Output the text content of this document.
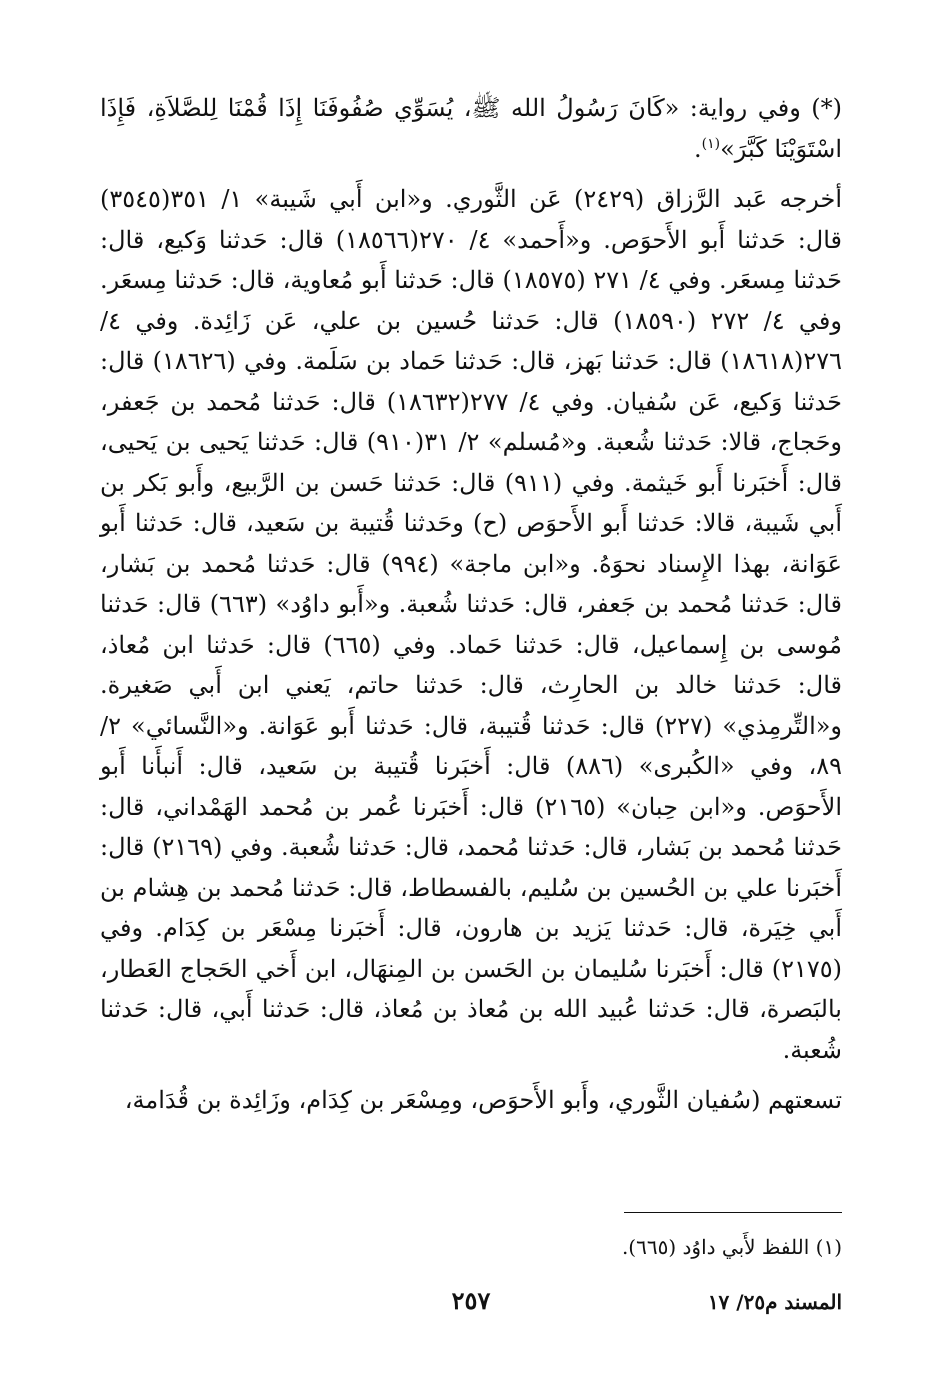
(*) وفي رواية: «كَانَ رَسُولُ الله ﷺ، يُسَوِّي صُفُوفَنَا إِذَا قُمْنَا لِلصَّلاَةِ، فَإِذَا اسْتَوَيْنَا كَبَّرَ»$^{(١)}$.

أخرجه عَبد الرَّزاق (٢٤٢٩) عَن الثَّوري. و«ابن أَبي شَيبة» ١/ ٣٥١(٣٥٤٥) قال: حَدثنا أَبو الأَحوَص. و«أَحمد» ٤/ ٢٧٠(١٨٥٦٦) قال: حَدثنا وَكيع، قال: حَدثنا مِسعَر. وفي ٤/ ٢٧١ (١٨٥٧٥) قال: حَدثنا أَبو مُعاوية، قال: حَدثنا مِسعَر. وفي ٤/ ٢٧٢ (١٨٥٩٠) قال: حَدثنا حُسين بن علي، عَن زَائِدة. وفي ٤/ ٢٧٦(١٨٦١٨) قال: حَدثنا بَهز، قال: حَدثنا حَماد بن سَلَمة. وفي (١٨٦٢٦) قال: حَدثنا وَكيع، عَن سُفيان. وفي ٤/ ٢٧٧(١٨٦٣٢) قال: حَدثنا مُحمد بن جَعفر، وحَجاج، قالا: حَدثنا شُعبة. و«مُسلم» ٢/ ٣١(٩١٠) قال: حَدثنا يَحيى بن يَحيى، قال: أَخبَرنا أَبو خَيثمة. وفي (٩١١) قال: حَدثنا حَسن بن الرَّبيع، وأَبو بَكر بن أَبي شَيبة، قالا: حَدثنا أَبو الأَحوَص (ح) وحَدثنا قُتيبة بن سَعيد، قال: حَدثنا أَبو عَوَانة، بهذا الإِسناد نحوَهُ. و«ابن ماجة» (٩٩٤) قال: حَدثنا مُحمد بن بَشار، قال: حَدثنا مُحمد بن جَعفر، قال: حَدثنا شُعبة. و«أَبو داوُد» (٦٦٣) قال: حَدثنا مُوسى بن إِسماعيل، قال: حَدثنا حَماد. وفي (٦٦٥) قال: حَدثنا ابن مُعاذ، قال: حَدثنا خالد بن الحارِث، قال: حَدثنا حاتم، يَعني ابن أَبي صَغيرة. و«التِّرمِذي» (٢٢٧) قال: حَدثنا قُتيبة، قال: حَدثنا أَبو عَوَانة. و«النَّسائي» ٢/ ٨٩، وفي «الكُبرى» (٨٨٦) قال: أَخبَرنا قُتيبة بن سَعيد، قال: أَنبأَنا أَبو الأَحوَص. و«ابن حِبان» (٢١٦٥) قال: أَخبَرنا عُمر بن مُحمد الهَمْداني، قال: حَدثنا مُحمد بن بَشار، قال: حَدثنا مُحمد، قال: حَدثنا شُعبة. وفي (٢١٦٩) قال: أَخبَرنا علي بن الحُسين بن سُليم، بالفسطاط، قال: حَدثنا مُحمد بن هِشام بن أَبي خِيَرة، قال: حَدثنا يَزيد بن هارون، قال: أَخبَرنا مِسْعَر بن كِدَام. وفي (٢١٧٥) قال: أَخبَرنا سُليمان بن الحَسن بن المِنهَال، ابن أَخي الحَجاج العَطار، بالبَصرة، قال: حَدثنا عُبيد الله بن مُعاذ بن مُعاذ، قال: حَدثنا أَبي، قال: حَدثنا شُعبة.

تسعتهم (سُفيان الثَّوري، وأَبو الأَحوَص، ومِسْعَر بن كِدَام، وزَائِدة بن قُدَامة،

(١) اللفظ لأَبي داوُد (٦٦٥).

المسند م٢٥/ ١٧
٢٥٧
